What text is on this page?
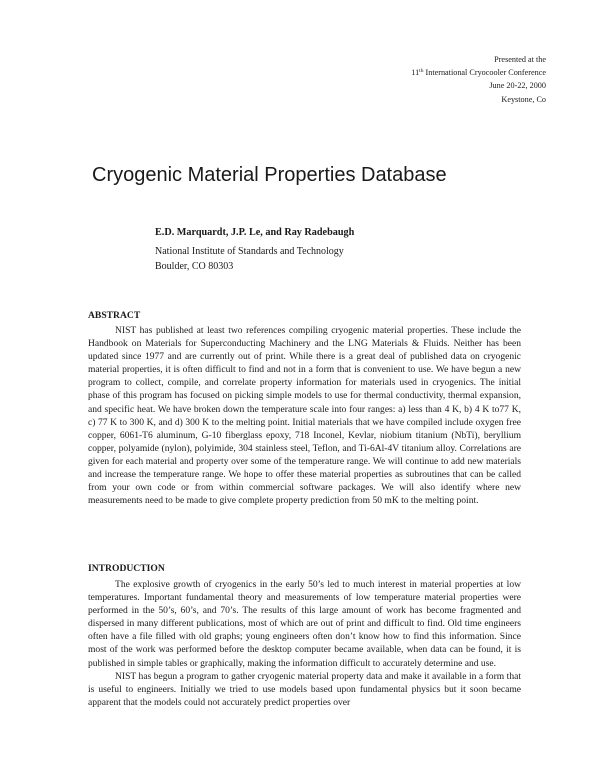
Presented at the
11th International Cryocooler Conference
June 20-22, 2000
Keystone, Co
Cryogenic Material Properties Database
E.D. Marquardt, J.P. Le, and Ray Radebaugh
National Institute of Standards and Technology
Boulder, CO 80303
ABSTRACT

NIST has published at least two references compiling cryogenic material properties. These include the Handbook on Materials for Superconducting Machinery and the LNG Materials & Fluids. Neither has been updated since 1977 and are currently out of print. While there is a great deal of published data on cryogenic material properties, it is often difficult to find and not in a form that is convenient to use. We have begun a new program to collect, compile, and correlate property information for materials used in cryogenics. The initial phase of this program has focused on picking simple models to use for thermal conductivity, thermal expansion, and specific heat. We have broken down the temperature scale into four ranges: a) less than 4 K, b) 4 K to77 K, c) 77 K to 300 K, and d) 300 K to the melting point. Initial materials that we have compiled include oxygen free copper, 6061-T6 aluminum, G-10 fiberglass epoxy, 718 Inconel, Kevlar, niobium titanium (NbTi), beryllium copper, polyamide (nylon), polyimide, 304 stainless steel, Teflon, and Ti-6Al-4V titanium alloy. Correlations are given for each material and property over some of the temperature range. We will continue to add new materials and increase the temperature range. We hope to offer these material properties as subroutines that can be called from your own code or from within commercial software packages. We will also identify where new measurements need to be made to give complete property prediction from 50 mK to the melting point.

INTRODUCTION

The explosive growth of cryogenics in the early 50’s led to much interest in material properties at low temperatures. Important fundamental theory and measurements of low temperature material properties were performed in the 50’s, 60’s, and 70’s. The results of this large amount of work has become fragmented and dispersed in many different publications, most of which are out of print and difficult to find. Old time engineers often have a file filled with old graphs; young engineers often don’t know how to find this information. Since most of the work was performed before the desktop computer became available, when data can be found, it is published in simple tables or graphically, making the information difficult to accurately determine and use.

NIST has begun a program to gather cryogenic material property data and make it available in a form that is useful to engineers. Initially we tried to use models based upon fundamental physics but it soon became apparent that the models could not accurately predict properties over
